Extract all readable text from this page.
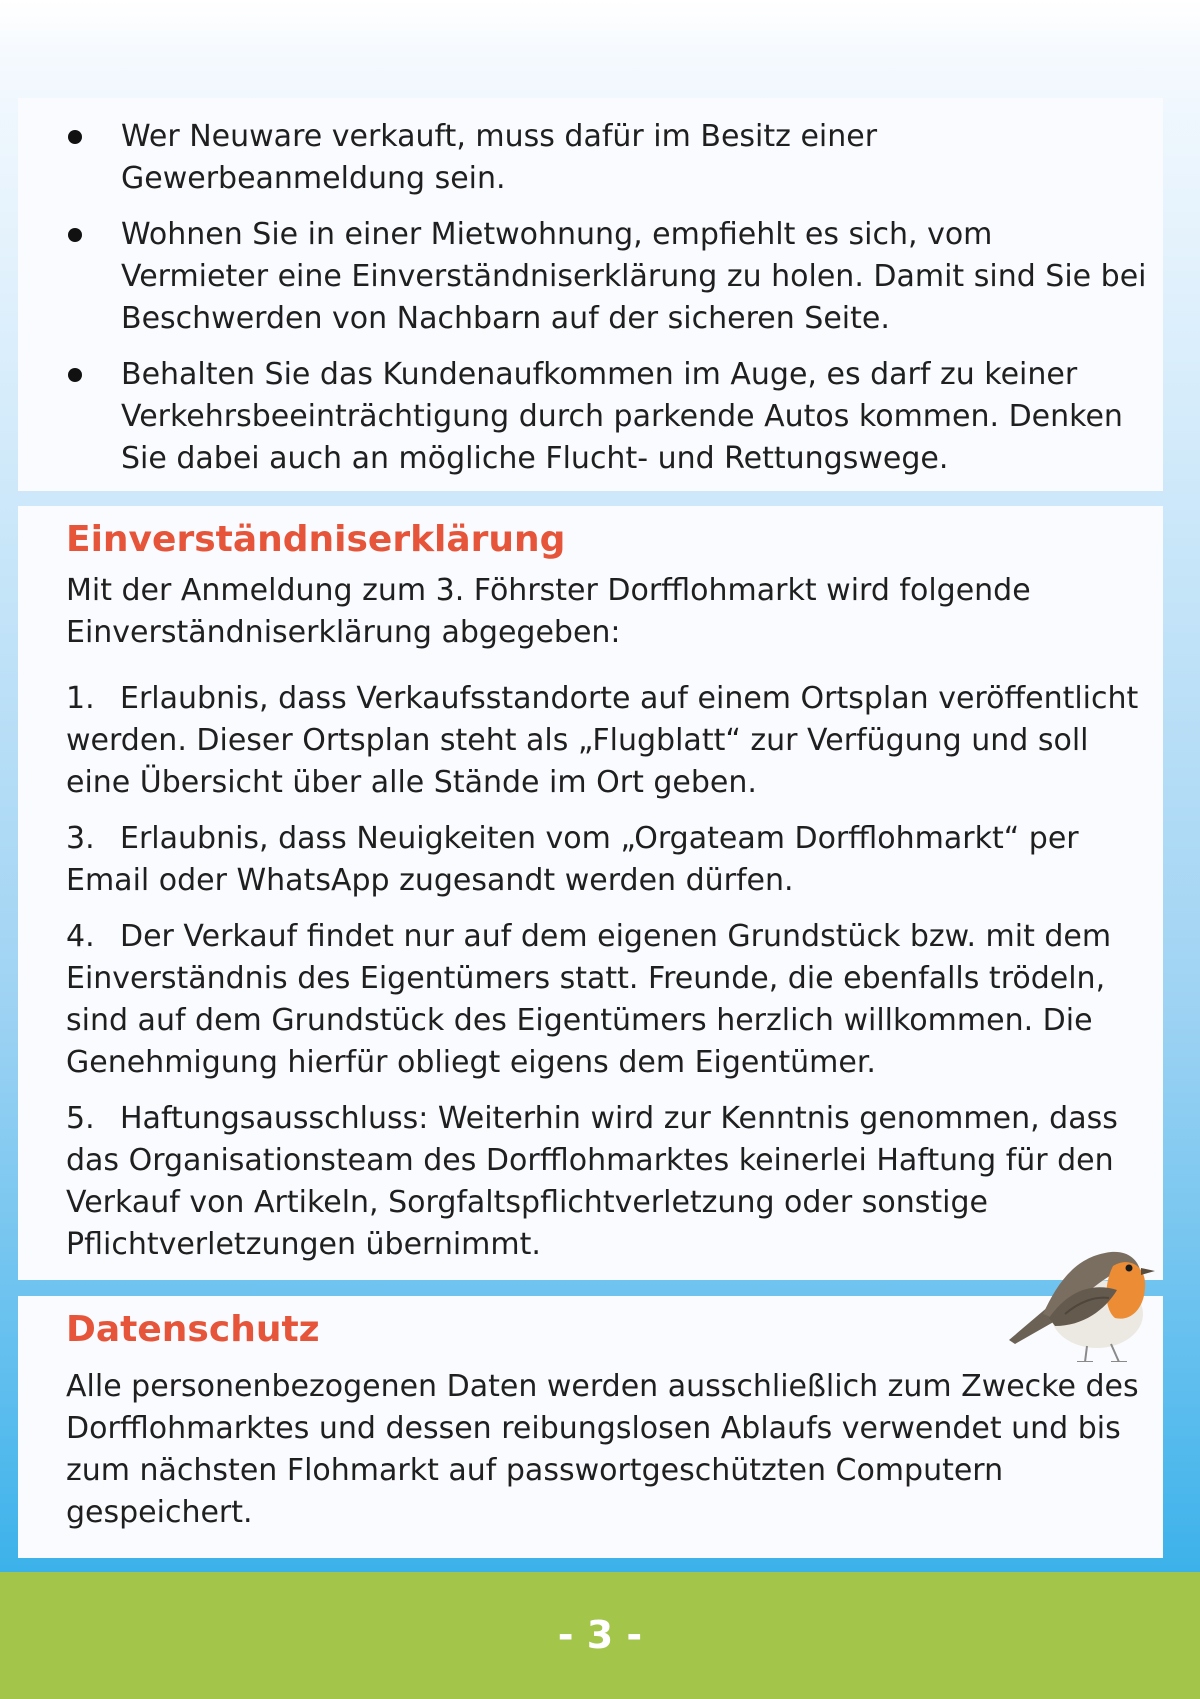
Wer Neuware verkauft, muss dafür im Besitz einer Gewerbeanmeldung sein.
Wohnen Sie in einer Mietwohnung, empfiehlt es sich, vom Vermieter eine Einverständniserklärung zu holen. Damit sind Sie bei Beschwerden von Nachbarn auf der sicheren Seite.
Behalten Sie das Kundenaufkommen im Auge, es darf zu keiner Verkehrsbeeinträchtigung durch parkende Autos kommen. Denken Sie dabei auch an mögliche Flucht- und Rettungswege.
Einverständniserklärung

Mit der Anmeldung zum 3. Föhrster Dorfflohmarkt wird folgende Einverständniserklärung abgegeben:

1. Erlaubnis, dass Verkaufsstandorte auf einem Ortsplan veröffentlicht werden. Dieser Ortsplan steht als „Flugblatt“ zur Verfügung und soll eine Übersicht über alle Stände im Ort geben.
3. Erlaubnis, dass Neuigkeiten vom „Orgateam Dorfflohmarkt“ per Email oder WhatsApp zugesandt werden dürfen.
4. Der Verkauf findet nur auf dem eigenen Grundstück bzw. mit dem Einverständnis des Eigentümers statt. Freunde, die ebenfalls trödeln, sind auf dem Grundstück des Eigentümers herzlich willkommen. Die Genehmigung hierfür obliegt eigens dem Eigentümer.
5. Haftungsausschluss: Weiterhin wird zur Kenntnis genommen, dass das Organisationsteam des Dorfflohmarktes keinerlei Haftung für den Verkauf von Artikeln, Sorgfaltspflichtverletzung oder sonstige Pflichtverletzungen übernimmt.
Datenschutz

Alle personenbezogenen Daten werden ausschließlich zum Zwecke des Dorfflohmarktes und dessen reibungslosen Ablaufs verwendet und bis zum nächsten Flohmarkt auf passwortgeschützten Computern gespeichert.

- 3 -
